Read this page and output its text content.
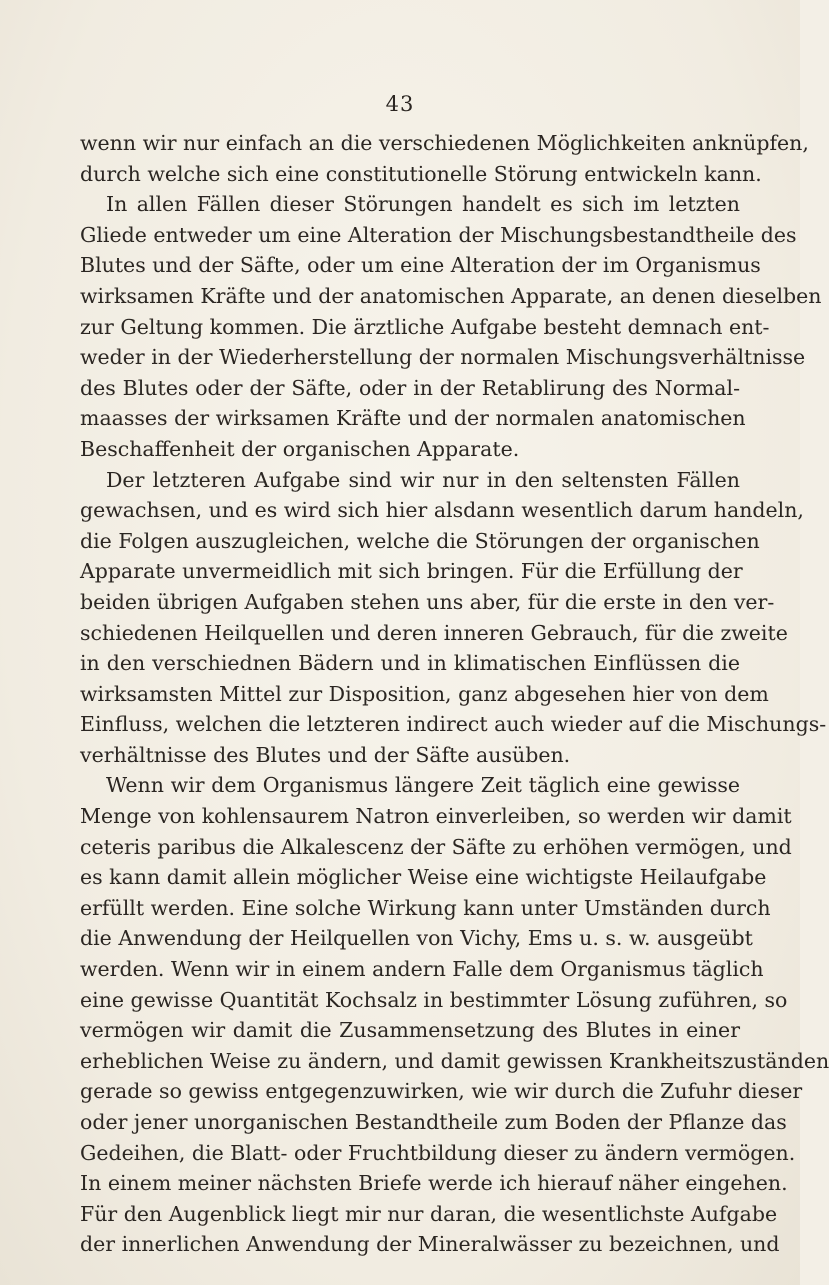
43
wenn wir nur einfach an die verschiedenen Möglichkeiten anknüpfen,
durch welche sich eine constitutionelle Störung entwickeln kann.
In allen Fällen dieser Störungen handelt es sich im letzten
Gliede entweder um eine Alteration der Mischungsbestandtheile des
Blutes und der Säfte, oder um eine Alteration der im Organismus
wirksamen Kräfte und der anatomischen Apparate, an denen dieselben
zur Geltung kommen. Die ärztliche Aufgabe besteht demnach ent-
weder in der Wiederherstellung der normalen Mischungsverhältnisse
des Blutes oder der Säfte, oder in der Retablirung des Normal-
maasses der wirksamen Kräfte und der normalen anatomischen
Beschaffenheit der organischen Apparate.
Der letzteren Aufgabe sind wir nur in den seltensten Fällen
gewachsen, und es wird sich hier alsdann wesentlich darum handeln,
die Folgen auszugleichen, welche die Störungen der organischen
Apparate unvermeidlich mit sich bringen. Für die Erfüllung der
beiden übrigen Aufgaben stehen uns aber, für die erste in den ver-
schiedenen Heilquellen und deren inneren Gebrauch, für die zweite
in den verschiednen Bädern und in klimatischen Einflüssen die
wirksamsten Mittel zur Disposition, ganz abgesehen hier von dem
Einfluss, welchen die letzteren indirect auch wieder auf die Mischungs-
verhältnisse des Blutes und der Säfte ausüben.
Wenn wir dem Organismus längere Zeit täglich eine gewisse
Menge von kohlensaurem Natron einverleiben, so werden wir damit
ceteris paribus die Alkalescenz der Säfte zu erhöhen vermögen, und
es kann damit allein möglicher Weise eine wichtigste Heilaufgabe
erfüllt werden. Eine solche Wirkung kann unter Umständen durch
die Anwendung der Heilquellen von Vichy, Ems u. s. w. ausgeübt
werden. Wenn wir in einem andern Falle dem Organismus täglich
eine gewisse Quantität Kochsalz in bestimmter Lösung zuführen, so
vermögen wir damit die Zusammensetzung des Blutes in einer
erheblichen Weise zu ändern, und damit gewissen Krankheitszuständen
gerade so gewiss entgegenzuwirken, wie wir durch die Zufuhr dieser
oder jener unorganischen Bestandtheile zum Boden der Pflanze das
Gedeihen, die Blatt- oder Fruchtbildung dieser zu ändern vermögen.
In einem meiner nächsten Briefe werde ich hierauf näher eingehen.
Für den Augenblick liegt mir nur daran, die wesentlichste Aufgabe
der innerlichen Anwendung der Mineralwässer zu bezeichnen, und
